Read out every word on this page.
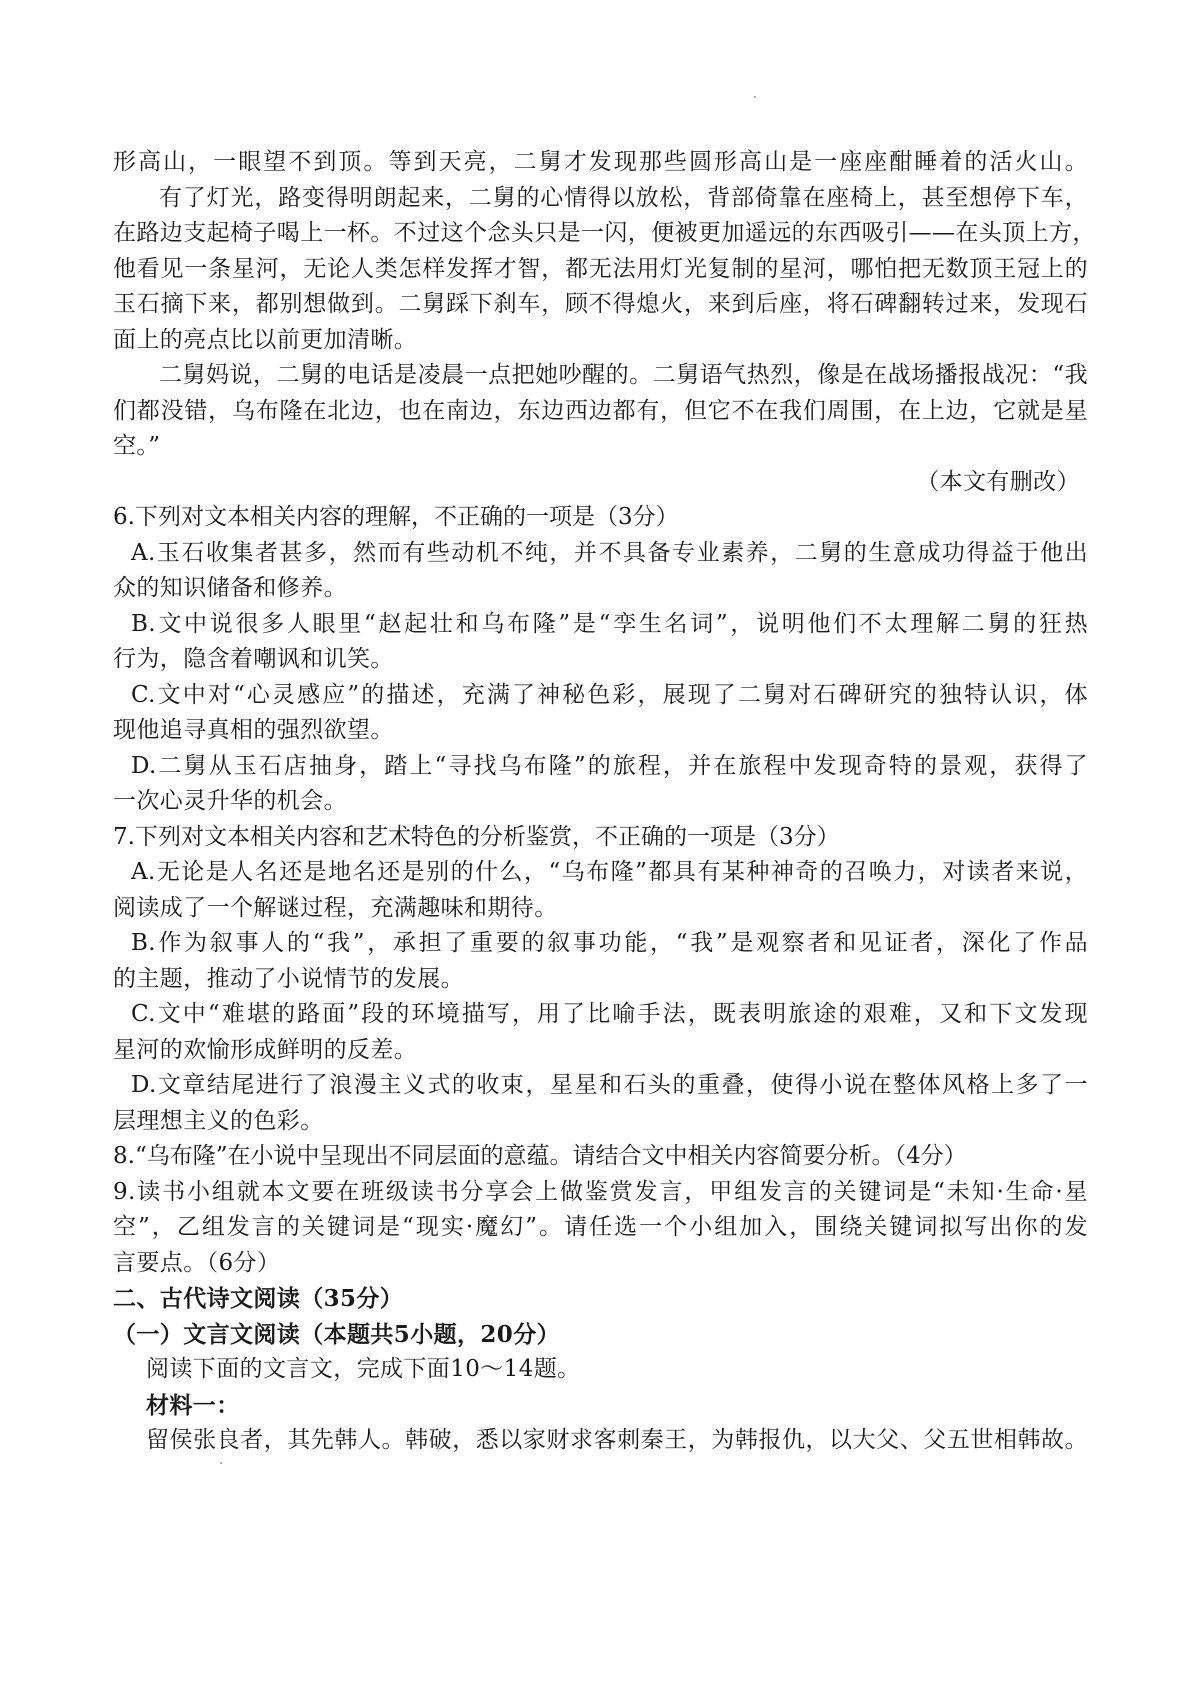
形高山，一眼望不到顶。等到天亮，二舅才发现那些圆形高山是一座座酣睡着的活火山。
有了灯光，路变得明朗起来，二舅的心情得以放松，背部倚靠在座椅上，甚至想停下车，
在路边支起椅子喝上一杯。不过这个念头只是一闪，便被更加遥远的东西吸引——在头顶上方，
他看见一条星河，无论人类怎样发挥才智，都无法用灯光复制的星河，哪怕把无数顶王冠上的
玉石摘下来，都别想做到。二舅踩下刹车，顾不得熄火，来到后座，将石碑翻转过来，发现石
面上的亮点比以前更加清晰。
二舅妈说，二舅的电话是凌晨一点把她吵醒的。二舅语气热烈，像是在战场播报战况：“我
们都没错，乌布隆在北边，也在南边，东边西边都有，但它不在我们周围，在上边，它就是星
空。”
（本文有删改）
6.下列对文本相关内容的理解，不正确的一项是（3分）
A.玉石收集者甚多，然而有些动机不纯，并不具备专业素养，二舅的生意成功得益于他出
众的知识储备和修养。
B.文中说很多人眼里“赵起壮和乌布隆”是“孪生名词”，说明他们不太理解二舅的狂热
行为，隐含着嘲讽和讥笑。
C.文中对“心灵感应”的描述，充满了神秘色彩，展现了二舅对石碑研究的独特认识，体
现他追寻真相的强烈欲望。
D.二舅从玉石店抽身，踏上“寻找乌布隆”的旅程，并在旅程中发现奇特的景观，获得了
一次心灵升华的机会。
7.下列对文本相关内容和艺术特色的分析鉴赏，不正确的一项是（3分）
A.无论是人名还是地名还是别的什么，“乌布隆”都具有某种神奇的召唤力，对读者来说，
阅读成了一个解谜过程，充满趣味和期待。
B.作为叙事人的“我”，承担了重要的叙事功能，“我”是观察者和见证者，深化了作品
的主题，推动了小说情节的发展。
C.文中“难堪的路面”段的环境描写，用了比喻手法，既表明旅途的艰难，又和下文发现
星河的欢愉形成鲜明的反差。
D.文章结尾进行了浪漫主义式的收束，星星和石头的重叠，使得小说在整体风格上多了一
层理想主义的色彩。
8.“乌布隆”在小说中呈现出不同层面的意蕴。请结合文中相关内容简要分析。（4分）
9.读书小组就本文要在班级读书分享会上做鉴赏发言，甲组发言的关键词是“未知·生命·星
空”，乙组发言的关键词是“现实·魔幻”。请任选一个小组加入，围绕关键词拟写出你的发
言要点。（6分）
二、古代诗文阅读（35分）
（一）文言文阅读（本题共5小题，20分）
阅读下面的文言文，完成下面10～14题。
材料一：
留侯张良者，其先韩人。韩破，悉以家财求客刺秦王，为韩报仇，以大父、父五世相韩故。
